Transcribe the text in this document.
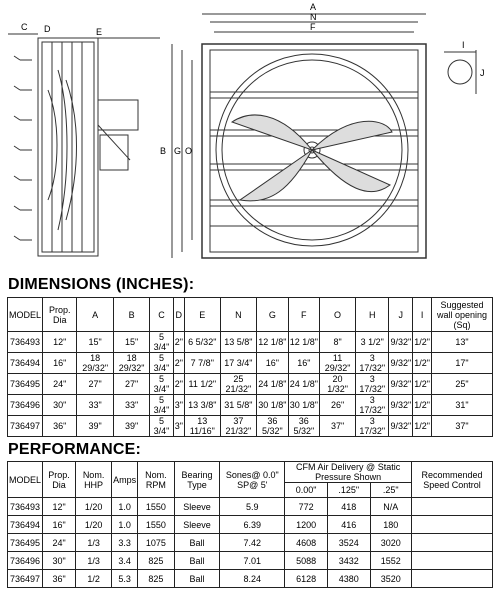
C D	E
A
N
F
B G O
I
J
DIMENSIONS (INCHES):
MODEL	Prop. Dia	A	B	C	D	E	N	G	F	O	H	J	I	Suggested wall opening (Sq)
736493	12"	15"	15"	5 3/4"	2"	6 5/32"	13 5/8"	12 1/8"	12 1/8"	8"	3 1/2"	9/32"	1/2"	13"
736494	16"	18 29/32"	18 29/32"	5 3/4"	2"	7 7/8"	17 3/4"	16"	16"	11 29/32"	3 17/32"	9/32"	1/2"	17"
736495	24"	27"	27"	5 3/4"	2"	11 1/2"	25 21/32"	24 1/8"	24 1/8"	20 1/32"	3 17/32"	9/32"	1/2"	25"
736496	30"	33"	33"	5 3/4"	3"	13 3/8"	31 5/8"	30 1/8"	30 1/8"	26"	3 17/32"	9/32"	1/2"	31"
736497	36"	39"	39"	5 3/4"	3"	13 11/16"	37 21/32"	36 5/32"	36 5/32"	37"	3 17/32"	9/32"	1/2"	37"
PERFORMANCE:
MODEL	Prop. Dia	Nom. HHP	Amps	Nom. RPM	Bearing Type	Sones@ 0.0" SP@ 5'	CFM Air Delivery @ Static Pressure Shown			Recommended Speed Control
							0.00"	.125"	.25"	
736493	12"	1/20	1.0	1550	Sleeve	5.9	772	418	N/A	
736494	16"	1/20	1.0	1550	Sleeve	6.39	1200	416	180	
736495	24"	1/3	3.3	1075	Ball	7.42	4608	3524	3020	
736496	30"	1/3	3.4	825	Ball	7.01	5088	3432	1552	
736497	36"	1/2	5.3	825	Ball	8.24	6128	4380	3520	
